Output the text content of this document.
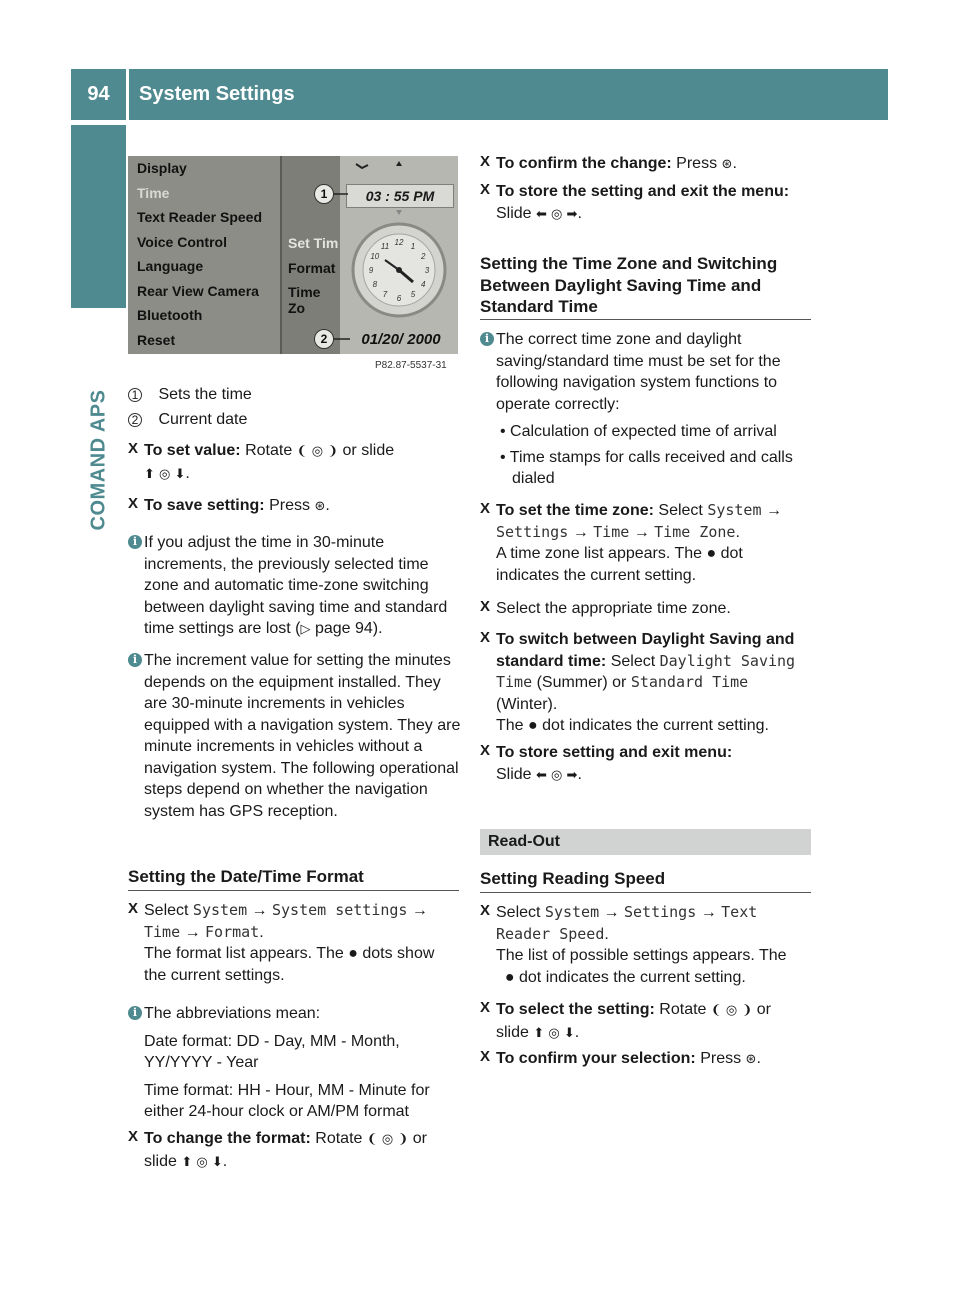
94	System Settings
COMAND APS
Display
Time
Text Reader Speed
Voice Control
Language
Rear View Camera
Bluetooth
Reset
Set Tim
Format
Time Zo
12 1
2
3
4
5
6
7
8
9
10
11
03 : 55 PM
01/20/ 2000
1
2
P82.87-5537-31
1 Sets the time
2 Current date
X To set value: Rotate ❨ ◎ ❩ or slide
⬆ ◎ ⬇.
X To save setting: Press ⊛.
i If you adjust the time in 30-minute increments, the previously selected time zone and automatic time-zone switching between daylight saving time and standard time settings are lost (▷ page 94).
i The increment value for setting the minutes depends on the equipment installed. They are 30-minute increments in vehicles equipped with a navigation system. They are minute increments in vehicles without a navigation system. The following operational steps depend on whether the navigation system has GPS reception.
Setting the Date/Time Format
X Select System → System settings →
Time → Format.
The format list appears. The ● dots show
the current settings.
i The abbreviations mean:
Date format: DD - Day, MM - Month, YY/YYYY - Year
Time format: HH - Hour, MM - Minute for either 24-hour clock or AM/PM format
X To change the format: Rotate ❨ ◎ ❩ or
slide ⬆ ◎ ⬇.
X To confirm the change: Press ⊛.
X To store the setting and exit the menu:
Slide ⬅ ◎ ➡.
Setting the Time Zone and Switching Between Daylight Saving Time and Standard Time
i The correct time zone and daylight saving/standard time must be set for the following navigation system functions to operate correctly:
• Calculation of expected time of arrival
• Time stamps for calls received and calls dialed
X To set the time zone: Select System →
Settings → Time → Time Zone.
A time zone list appears. The ● dot
indicates the current setting.
X Select the appropriate time zone.
X To switch between Daylight Saving and standard time: Select Daylight Saving
Time (Summer) or Standard Time
(Winter).
The ● dot indicates the current setting.
X To store setting and exit menu:
Slide ⬅ ◎ ➡.
Read-Out
Setting Reading Speed
X Select System → Settings → Text
Reader Speed.
The list of possible settings appears. The
● dot indicates the current setting.
X To select the setting: Rotate ❨ ◎ ❩ or
slide ⬆ ◎ ⬇.
X To confirm your selection: Press ⊛.
